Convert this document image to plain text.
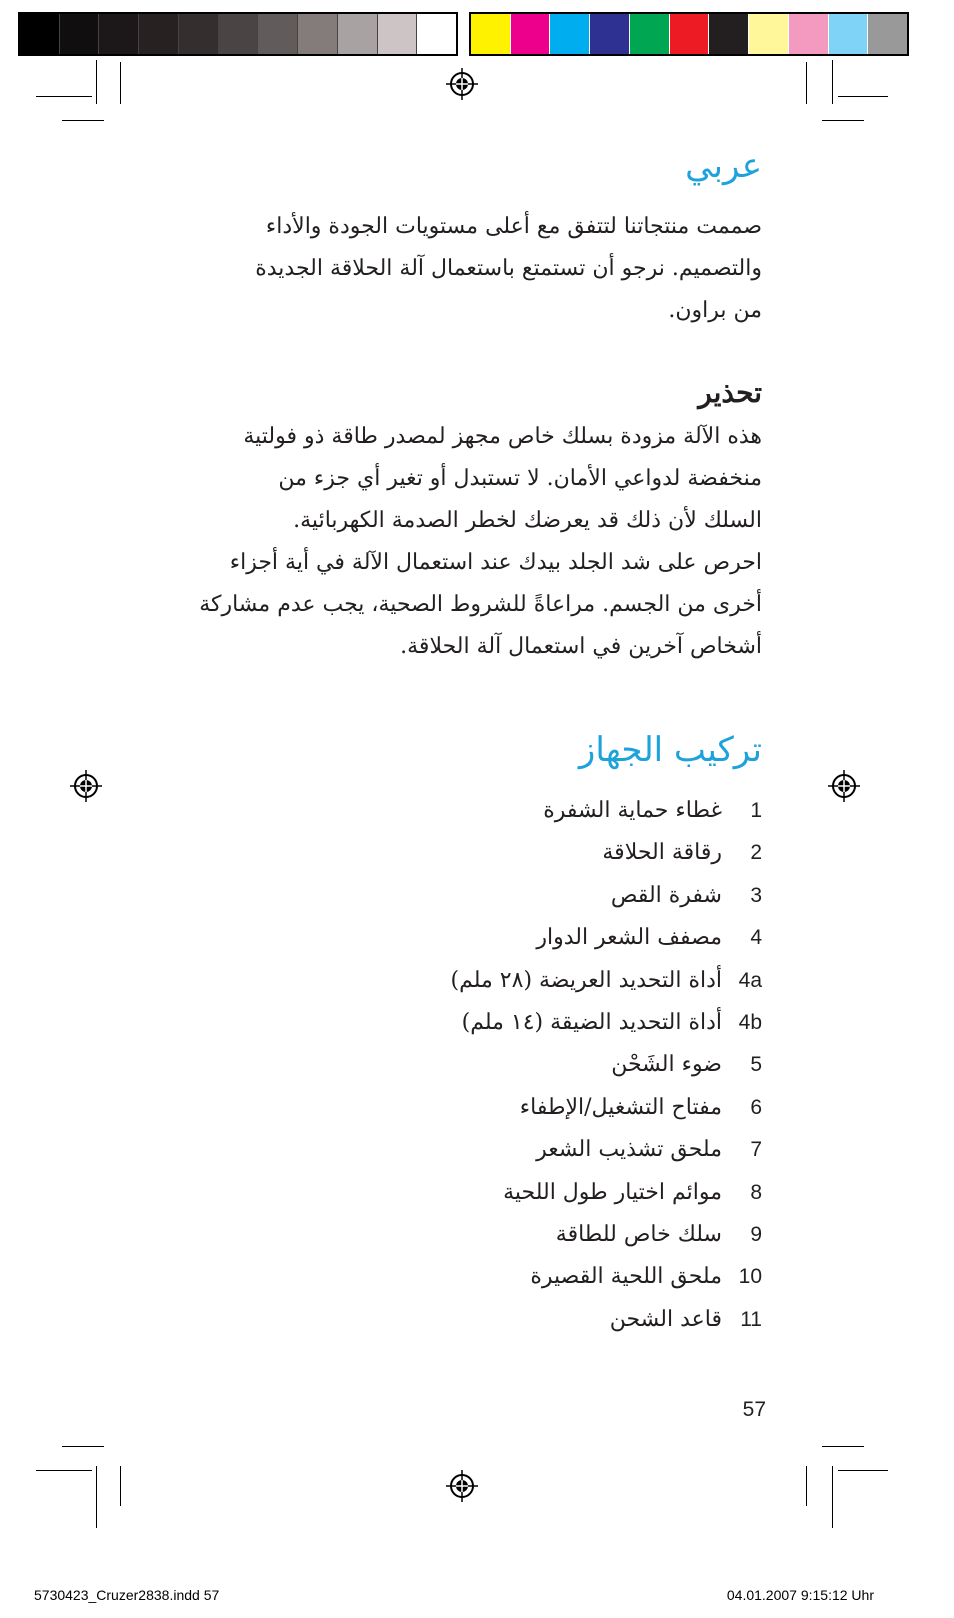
عربي
صممت منتجاتنا لتتفق مع أعلى مستويات الجودة والأداء
والتصميم. نرجو أن تستمتع باستعمال آلة الحلاقة الجديدة
من براون.
تحذير
هذه الآلة مزودة بسلك خاص مجهز لمصدر طاقة ذو فولتية
منخفضة لدواعي الأمان. لا تستبدل أو تغير أي جزء من
السلك لأن ذلك قد يعرضك لخطر الصدمة الكهربائية.
احرص على شد الجلد بيدك عند استعمال الآلة في أية أجزاء
أخرى من الجسم. مراعاةً للشروط الصحية، يجب عدم مشاركة
أشخاص آخرين في استعمال آلة الحلاقة.
تركيب الجهاز
1
غطاء حماية الشفرة
2
رقاقة الحلاقة
3
شفرة القص
4
مصفف الشعر الدوار
4a
أداة التحديد العريضة (٢٨ ملم)
4b
أداة التحديد الضيقة (١٤ ملم)
5
ضوء الشَحْن
6
مفتاح التشغيل/الإطفاء
7
ملحق تشذيب الشعر
8
موائم اختيار طول اللحية
9
سلك خاص للطاقة
10
ملحق اللحية القصيرة
11
قاعد الشحن
57
5730423_Cruzer2838.indd 57	04.01.2007 9:15:12 Uhr
